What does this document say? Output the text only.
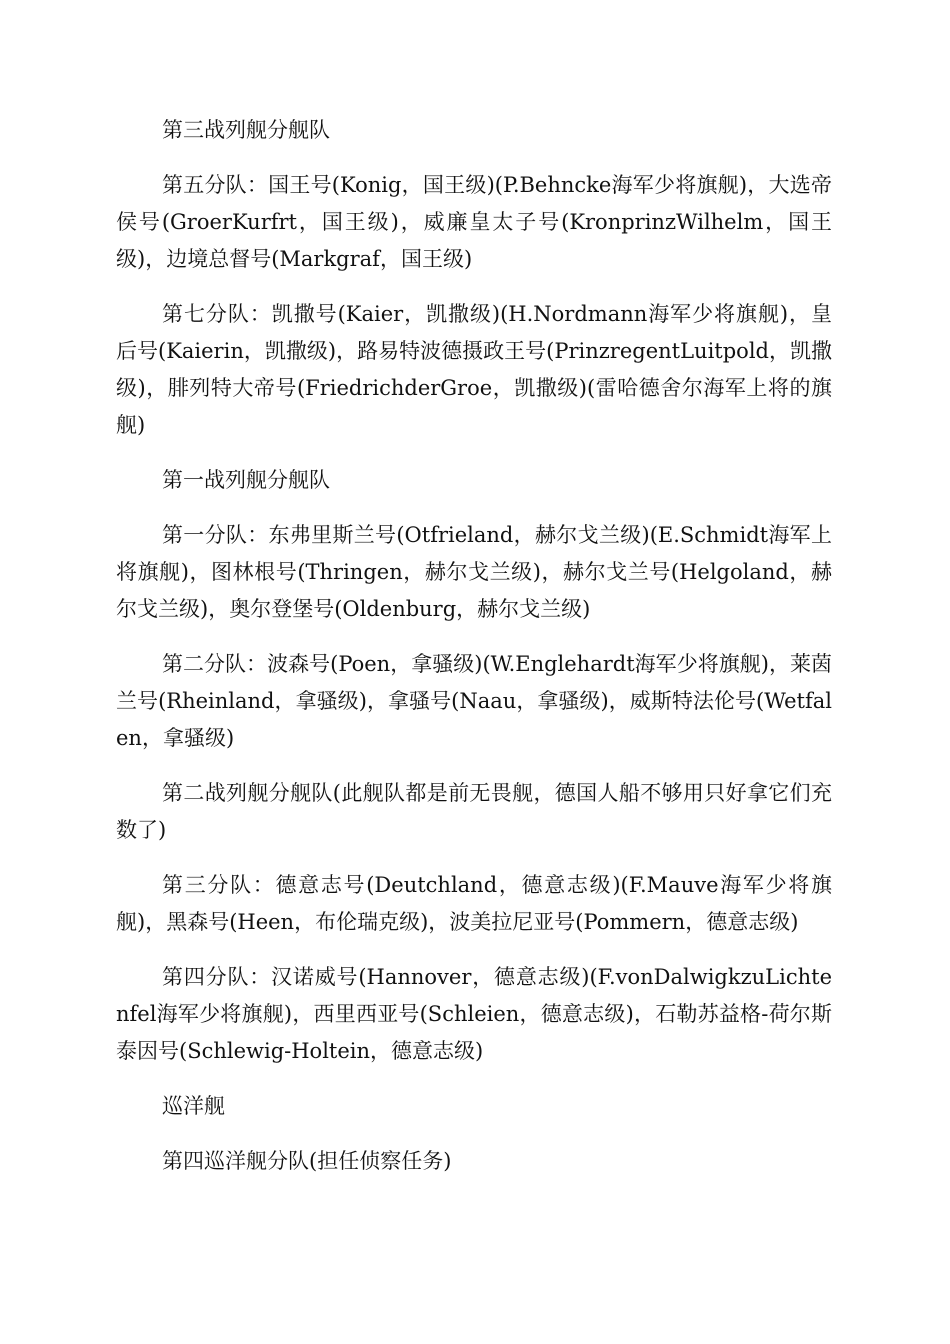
第三战列舰分舰队

第五分队：国王号(Konig，国王级)(P.Behncke海军少将旗舰)，大选帝侯号(GroerKurfrt，国王级)，威廉皇太子号(KronprinzWilhelm，国王级)，边境总督号(Markgraf，国王级)

第七分队：凯撒号(Kaier，凯撒级)(H.Nordmann海军少将旗舰)，皇后号(Kaierin，凯撒级)，路易特波德摄政王号(PrinzregentLuitpold，凯撒级)，腓列特大帝号(FriedrichderGroe，凯撒级)(雷哈德舍尔海军上将的旗舰)

第一战列舰分舰队

第一分队：东弗里斯兰号(Otfrieland，赫尔戈兰级)(E.Schmidt海军上将旗舰)，图林根号(Thringen，赫尔戈兰级)，赫尔戈兰号(Helgoland，赫尔戈兰级)，奥尔登堡号(Oldenburg，赫尔戈兰级)

第二分队：波森号(Poen，拿骚级)(W.Englehardt海军少将旗舰)，莱茵兰号(Rheinland，拿骚级)，拿骚号(Naau，拿骚级)，威斯特法伦号(Wetfalen，拿骚级)

第二战列舰分舰队(此舰队都是前无畏舰，德国人船不够用只好拿它们充数了)

第三分队：德意志号(Deutchland，德意志级)(F.Mauve海军少将旗舰)，黑森号(Heen，布伦瑞克级)，波美拉尼亚号(Pommern，德意志级)

第四分队：汉诺威号(Hannover，德意志级)(F.vonDalwigkzuLichtenfel海军少将旗舰)，西里西亚号(Schleien，德意志级)，石勒苏益格-荷尔斯泰因号(Schlewig-Holtein，德意志级)

巡洋舰

第四巡洋舰分队(担任侦察任务)
